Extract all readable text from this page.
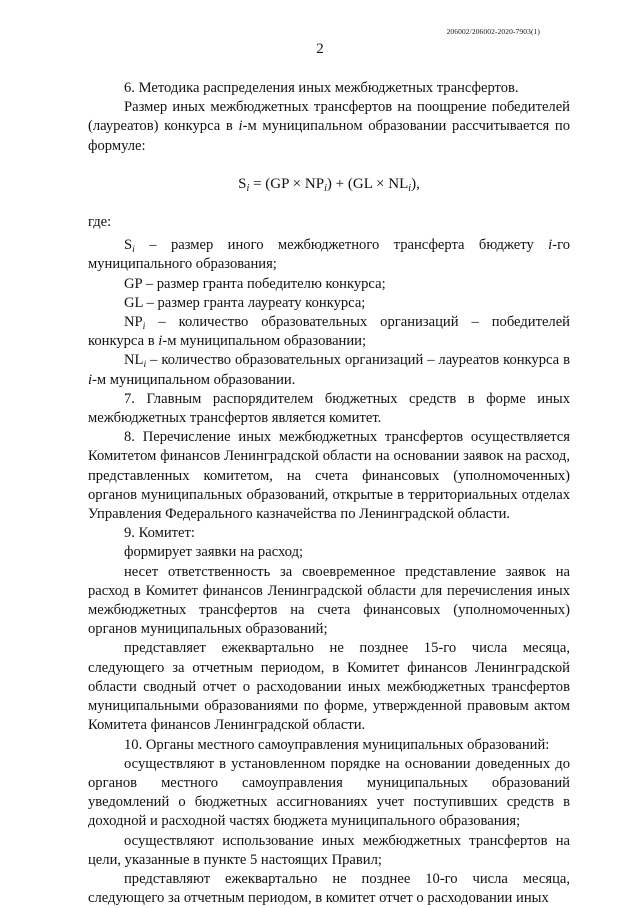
206002/206002-2020-7903(1)
2

6. Методика распределения иных межбюджетных трансфертов.

Размер иных межбюджетных трансфертов на поощрение победителей (лауреатов) конкурса в i-м муниципальном образовании рассчитывается по формуле:

$S_i = (GP \times NP_i) + (GL \times NL_i)$,

где:

$S_i$ – размер иного межбюджетного трансферта бюджету i-го муниципального образования;

GP – размер гранта победителю конкурса;

GL – размер гранта лауреату конкурса;

$NP_i$ – количество образовательных организаций – победителей конкурса в i-м муниципальном образовании;

$NL_i$ – количество образовательных организаций – лауреатов конкурса в i-м муниципальном образовании.

7. Главным распорядителем бюджетных средств в форме иных межбюджетных трансфертов является комитет.

8. Перечисление иных межбюджетных трансфертов осуществляется Комитетом финансов Ленинградской области на основании заявок на расход, представленных комитетом, на счета финансовых (уполномоченных) органов муниципальных образований, открытые в территориальных отделах Управления Федерального казначейства по Ленинградской области.

9. Комитет:

формирует заявки на расход;

несет ответственность за своевременное представление заявок на расход в Комитет финансов Ленинградской области для перечисления иных межбюджетных трансфертов на счета финансовых (уполномоченных) органов муниципальных образований;

представляет ежеквартально не позднее 15-го числа месяца, следующего за отчетным периодом, в Комитет финансов Ленинградской области сводный отчет о расходовании иных межбюджетных трансфертов муниципальными образованиями по форме, утвержденной правовым актом Комитета финансов Ленинградской области.

10. Органы местного самоуправления муниципальных образований:

осуществляют в установленном порядке на основании доведенных до органов местного самоуправления муниципальных образований уведомлений о бюджетных ассигнованиях учет поступивших средств в доходной и расходной частях бюджета муниципального образования;

осуществляют использование иных межбюджетных трансфертов на цели, указанные в пункте 5 настоящих Правил;

представляют ежеквартально не позднее 10-го числа месяца, следующего за отчетным периодом, в комитет отчет о расходовании иных
